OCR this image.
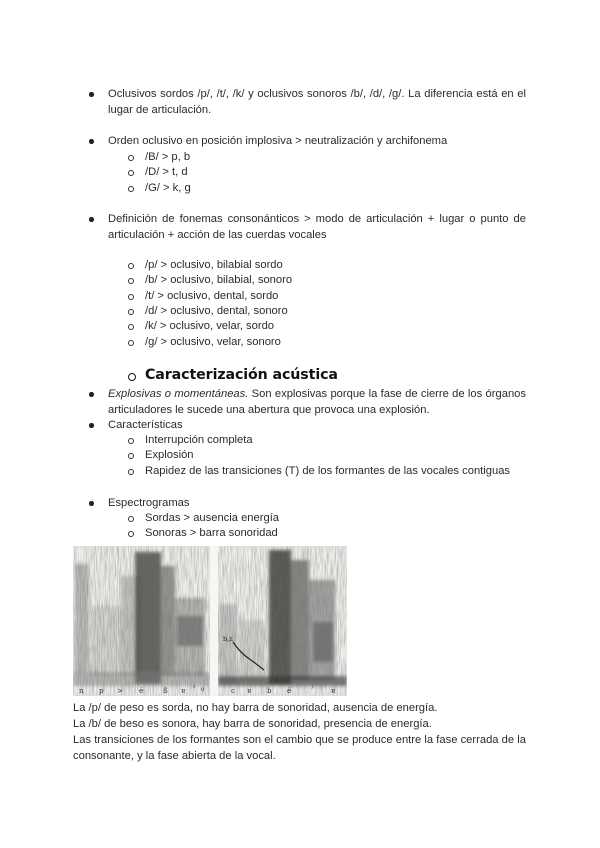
Oclusivos sordos /p/, /t/, /k/ y oclusivos sonoros /b/, /d/, /g/. La diferencia está en el lugar de articulación.
Orden oclusivo en posición implosiva > neutralización y archifonema
/B/ > p, b
/D/ > t, d
/G/ > k, g
Definición de fonemas consonánticos > modo de articulación + lugar o punto de articulación + acción de las cuerdas vocales
/p/ > oclusivo, bilabial sordo
/b/ > oclusivo, bilabial, sonoro
/t/ > oclusivo, dental, sordo
/d/ > oclusivo, dental, sonoro
/k/ > oclusivo, velar, sordo
/g/ > oclusivo, velar, sonoro
Caracterización acústica
Explosivas o momentáneas. Son explosivas porque la fase de cierre de los órganos articuladores le sucede una abertura que provoca una explosión.
Características
Interrupción completa
Explosión
Rapidez de las transiciones (T) de los formantes de las vocales contiguas
Espectrogramas
Sordas > ausencia energía
Sonoras > barra sonoridad
b,z
ꞑ p > é	ß ɐ ˢ º	c ɐ b é	ʲ	ɐ
La /p/ de peso es sorda, no hay barra de sonoridad, ausencia de energía.
La /b/ de beso es sonora, hay barra de sonoridad, presencia de energía.
Las transiciones de los formantes son el cambio que se produce entre la fase cerrada de la consonante, y la fase abierta de la vocal.
